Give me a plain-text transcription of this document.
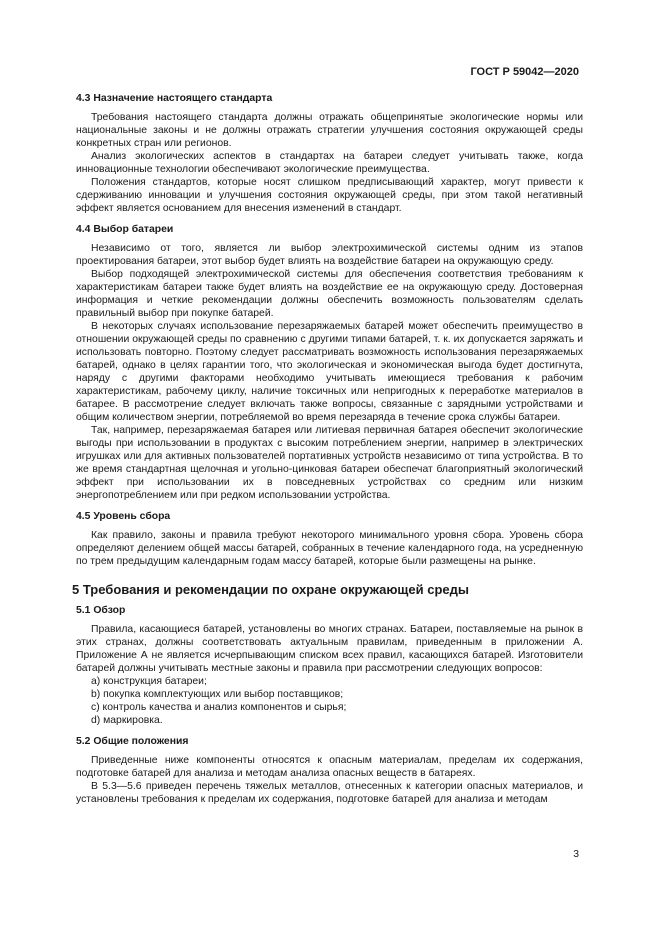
ГОСТ Р 59042—2020
4.3 Назначение настоящего стандарта

Требования настоящего стандарта должны отражать общепринятые экологические нормы или национальные законы и не должны отражать стратегии улучшения состояния окружающей среды конкретных стран или регионов.

Анализ экологических аспектов в стандартах на батареи следует учитывать также, когда инновационные технологии обеспечивают экологические преимущества.

Положения стандартов, которые носят слишком предписывающий характер, могут привести к сдерживанию инновации и улучшения состояния окружающей среды, при этом такой негативный эффект является основанием для внесения изменений в стандарт.

4.4 Выбор батареи

Независимо от того, является ли выбор электрохимической системы одним из этапов проектирования батареи, этот выбор будет влиять на воздействие батареи на окружающую среду.

Выбор подходящей электрохимической системы для обеспечения соответствия требованиям к характеристикам батареи также будет влиять на воздействие ее на окружающую среду. Достоверная информация и четкие рекомендации должны обеспечить возможность пользователям сделать правильный выбор при покупке батарей.

В некоторых случаях использование перезаряжаемых батарей может обеспечить преимущество в отношении окружающей среды по сравнению с другими типами батарей, т. к. их допускается заряжать и использовать повторно. Поэтому следует рассматривать возможность использования перезаряжаемых батарей, однако в целях гарантии того, что экологическая и экономическая выгода будет достигнута, наряду с другими факторами необходимо учитывать имеющиеся требования к рабочим характеристикам, рабочему циклу, наличие токсичных или непригодных к переработке материалов в батарее. В рассмотрение следует включать также вопросы, связанные с зарядными устройствами и общим количеством энергии, потребляемой во время перезаряда в течение срока службы батареи.

Так, например, перезаряжаемая батарея или литиевая первичная батарея обеспечит экологические выгоды при использовании в продуктах с высоким потреблением энергии, например в электрических игрушках или для активных пользователей портативных устройств независимо от типа устройства. В то же время стандартная щелочная и угольно-цинковая батареи обеспечат благоприятный экологический эффект при использовании их в повседневных устройствах со средним или низким энергопотреблением или при редком использовании устройства.

4.5 Уровень сбора

Как правило, законы и правила требуют некоторого минимального уровня сбора. Уровень сбора определяют делением общей массы батарей, собранных в течение календарного года, на усредненную по трем предыдущим календарным годам массу батарей, которые были размещены на рынке.

5 Требования и рекомендации по охране окружающей среды
5.1 Обзор

Правила, касающиеся батарей, установлены во многих странах. Батареи, поставляемые на рынок в этих странах, должны соответствовать актуальным правилам, приведенным в приложении А. Приложение А не является исчерпывающим списком всех правил, касающихся батарей. Изготовители батарей должны учитывать местные законы и правила при рассмотрении следующих вопросов:

a) конструкция батареи;
b) покупка комплектующих или выбор поставщиков;
c) контроль качества и анализ компонентов и сырья;
d) маркировка.
5.2 Общие положения

Приведенные ниже компоненты относятся к опасным материалам, пределам их содержания, подготовке батарей для анализа и методам анализа опасных веществ в батареях.

В 5.3—5.6 приведен перечень тяжелых металлов, отнесенных к категории опасных материалов, и установлены требования к пределам их содержания, подготовке батарей для анализа и методам

3
